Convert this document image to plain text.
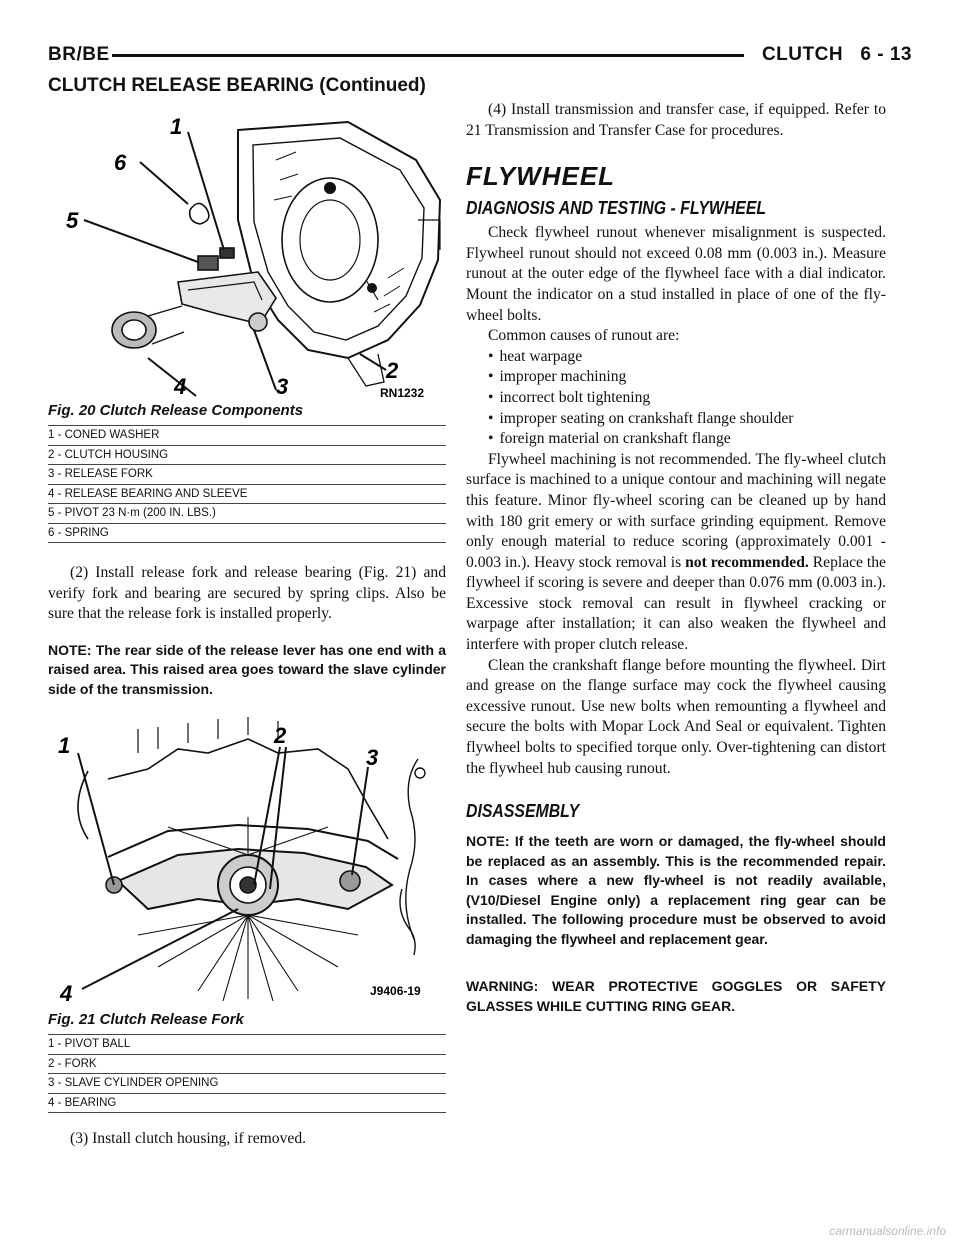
BR/BE	CLUTCH 6 - 13
CLUTCH RELEASE BEARING (Continued)
1
6
5
4	3
2
RN1232
Fig. 20 Clutch Release Components
1 - CONED WASHER
2 - CLUTCH HOUSING
3 - RELEASE FORK
4 - RELEASE BEARING AND SLEEVE
5 - PIVOT 23 N·m (200 IN. LBS.)
6 - SPRING

(2) Install release fork and release bearing (Fig. 21) and verify fork and bearing are secured by spring clips. Also be sure that the release fork is installed properly.

NOTE: The rear side of the release lever has one end with a raised area. This raised area goes toward the slave cylinder side of the transmission.

1	2
3
4	J9406-19
Fig. 21 Clutch Release Fork
1 - PIVOT BALL
2 - FORK
3 - SLAVE CYLINDER OPENING
4 - BEARING

(3) Install clutch housing, if removed.

(4) Install transmission and transfer case, if equipped. Refer to 21 Transmission and Transfer Case for procedures.

FLYWHEEL
DIAGNOSIS AND TESTING - FLYWHEEL

Check flywheel runout whenever misalignment is suspected. Flywheel runout should not exceed 0.08 mm (0.003 in.). Measure runout at the outer edge of the flywheel face with a dial indicator. Mount the indicator on a stud installed in place of one of the fly-wheel bolts.

Common causes of runout are:

• heat warpage
• improper machining
• incorrect bolt tightening
• improper seating on crankshaft flange shoulder
• foreign material on crankshaft flange

Flywheel machining is not recommended. The fly-wheel clutch surface is machined to a unique contour and machining will negate this feature. Minor fly-wheel scoring can be cleaned up by hand with 180 grit emery or with surface grinding equipment. Remove only enough material to reduce scoring (approximately 0.001 - 0.003 in.). Heavy stock removal is not recommended. Replace the flywheel if scoring is severe and deeper than 0.076 mm (0.003 in.). Excessive stock removal can result in flywheel cracking or warpage after installation; it can also weaken the flywheel and interfere with proper clutch release.

Clean the crankshaft flange before mounting the flywheel. Dirt and grease on the flange surface may cock the flywheel causing excessive runout. Use new bolts when remounting a flywheel and secure the bolts with Mopar Lock And Seal or equivalent. Tighten flywheel bolts to specified torque only. Over-tightening can distort the flywheel hub causing runout.

DISASSEMBLY

NOTE: If the teeth are worn or damaged, the fly-wheel should be replaced as an assembly. This is the recommended repair. In cases where a new fly-wheel is not readily available, (V10/Diesel Engine only) a replacement ring gear can be installed. The following procedure must be observed to avoid damaging the flywheel and replacement gear.

WARNING: WEAR PROTECTIVE GOGGLES OR SAFETY GLASSES WHILE CUTTING RING GEAR.

carmanualsonline.info
